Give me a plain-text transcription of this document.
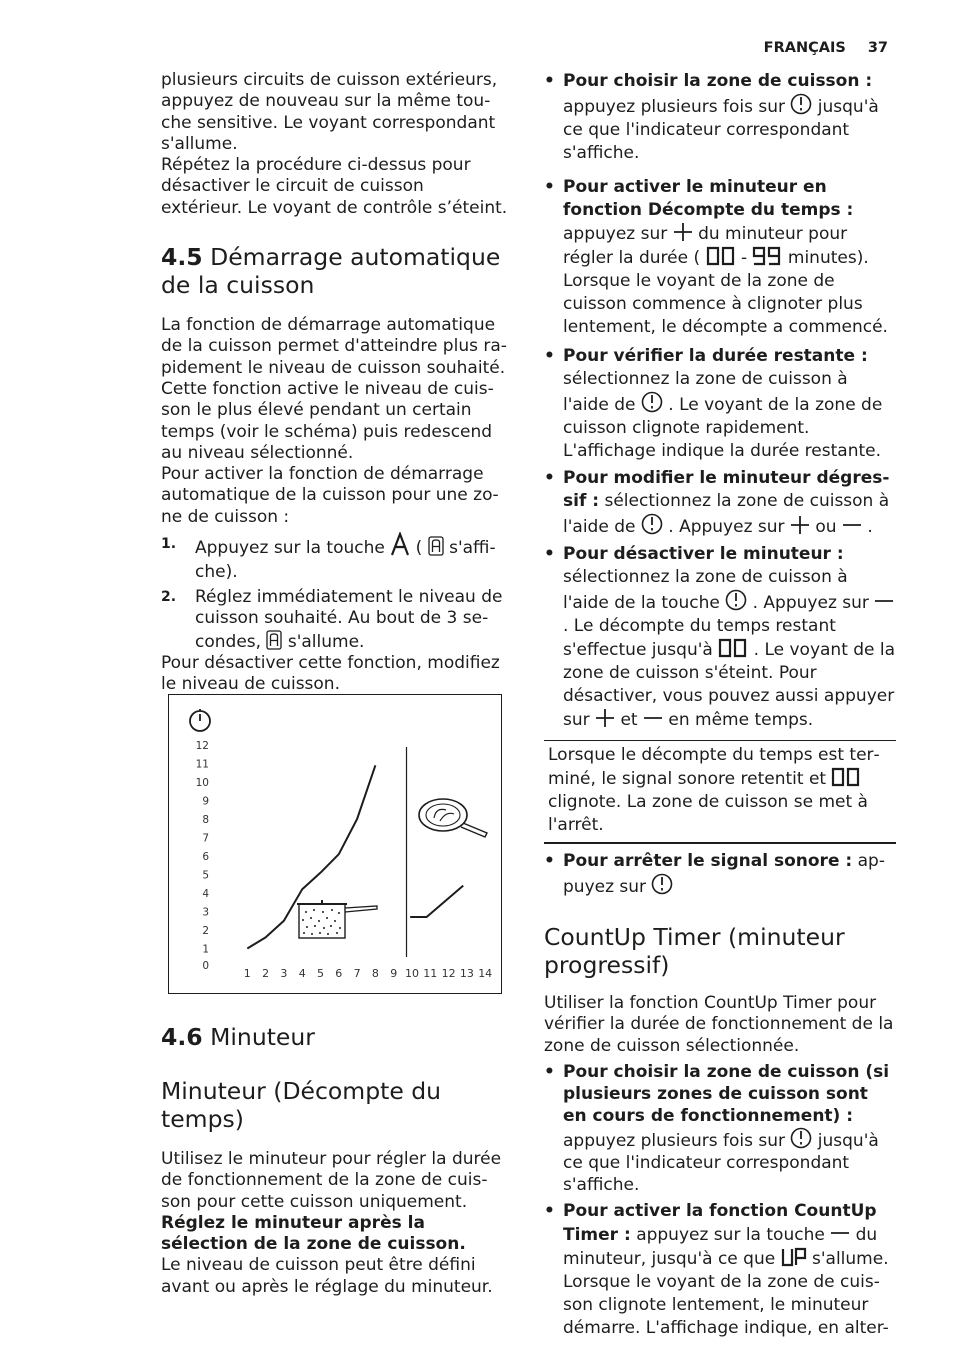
FRANÇAIS 37

plusieurs circuits de cuisson extérieurs, appuyez de nouveau sur la même touche sensitive. Le voyant correspondant s'allume.

Répétez la procédure ci-dessus pour désactiver le circuit de cuisson extérieur. Le voyant de contrôle s’éteint.

4.5 Démarrage automatique de la cuisson

La fonction de démarrage automatique de la cuisson permet d'atteindre plus rapidement le niveau de cuisson souhaité. Cette fonction active le niveau de cuisson le plus élevé pendant un certain temps (voir le schéma) puis redescend au niveau sélectionné.

Pour activer la fonction de démarrage automatique de la cuisson pour une zone de cuisson :

1. Appuyez sur la touche ( s'affiche).
2. Réglez immédiatement le niveau de cuisson souhaité. Au bout de 3 secondes, s'allume.

Pour désactiver cette fonction, modifiez le niveau de cuisson.

0
1
2
3
4
5
6
7
8
9
10
11
12
1 2 3 4 5 6 7 8 9 10 11 12 13 14
4.6 Minuteur
Minuteur (Décompte du temps)

Utilisez le minuteur pour régler la durée de fonctionnement de la zone de cuisson pour cette cuisson uniquement.

Réglez le minuteur après la sélection de la zone de cuisson.

Le niveau de cuisson peut être défini avant ou après le réglage du minuteur.

• Pour choisir la zone de cuisson : appuyez plusieurs fois sur jusqu'à ce que l'indicateur correspondant s'affiche.
• Pour activer le minuteur en fonction Décompte du temps : appuyez sur du minuteur pour régler la durée ( - minutes). Lorsque le voyant de la zone de cuisson commence à clignoter plus lentement, le décompte a commencé.
• Pour vérifier la durée restante : sélectionnez la zone de cuisson à l'aide de . Le voyant de la zone de cuisson clignote rapidement. L'affichage indique la durée restante.
• Pour modifier le minuteur dégressif : sélectionnez la zone de cuisson à l'aide de . Appuyez sur ou .
• Pour désactiver le minuteur : sélectionnez la zone de cuisson à l'aide de la touche . Appuyez sur  . Le décompte du temps restant s'effectue jusqu'à . Le voyant de la zone de cuisson s'éteint. Pour désactiver, vous pouvez aussi appuyer sur et en même temps.
Lorsque le décompte du temps est terminé, le signal sonore retentit et  clignote. La zone de cuisson se met à l'arrêt.
• Pour arrêter le signal sonore : appuyez sur
CountUp Timer (minuteur progressif)

Utiliser la fonction CountUp Timer pour vérifier la durée de fonctionnement de la zone de cuisson sélectionnée.

• Pour choisir la zone de cuisson (si plusieurs zones de cuisson sont en cours de fonctionnement) : appuyez plusieurs fois sur jusqu'à ce que l'indicateur correspondant s'affiche.
• Pour activer la fonction CountUp Timer : appuyez sur la touche du minuteur, jusqu'à ce que s'allume. Lorsque le voyant de la zone de cuisson clignote lentement, le minuteur démarre. L'affichage indique, en alter-
